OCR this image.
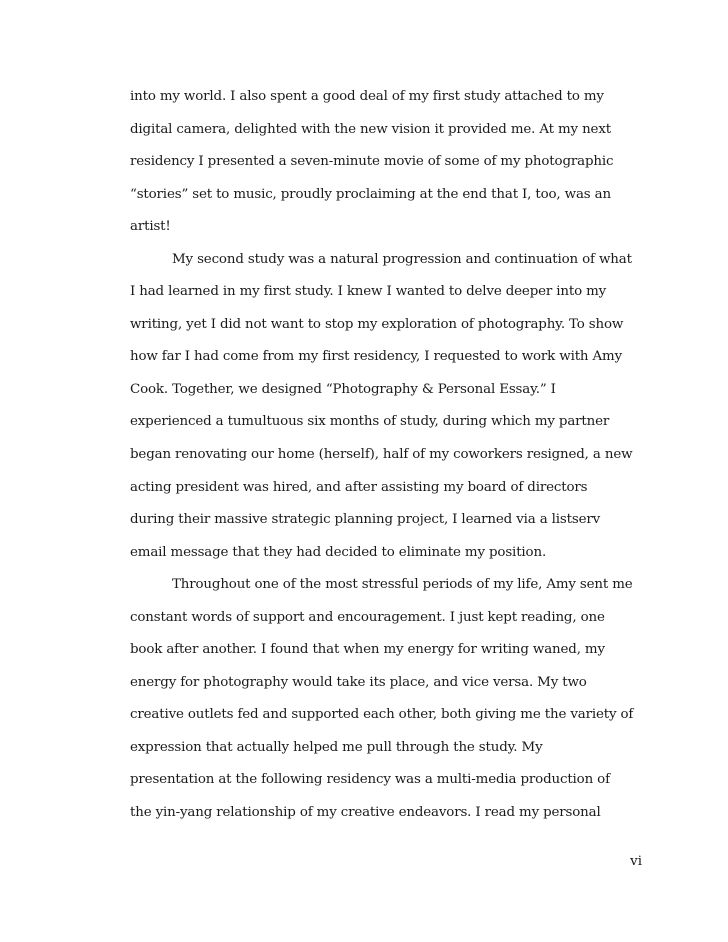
into my world. I also spent a good deal of my first study attached to my
digital camera, delighted with the new vision it provided me. At my next
residency I presented a seven-minute movie of some of my photographic
“stories” set to music, proudly proclaiming at the end that I, too, was an
artist!
My second study was a natural progression and continuation of what
I had learned in my first study. I knew I wanted to delve deeper into my
writing, yet I did not want to stop my exploration of photography. To show
how far I had come from my first residency, I requested to work with Amy
Cook. Together, we designed “Photography & Personal Essay.” I
experienced a tumultuous six months of study, during which my partner
began renovating our home (herself), half of my coworkers resigned, a new
acting president was hired, and after assisting my board of directors
during their massive strategic planning project, I learned via a listserv
email message that they had decided to eliminate my position.
Throughout one of the most stressful periods of my life, Amy sent me
constant words of support and encouragement. I just kept reading, one
book after another. I found that when my energy for writing waned, my
energy for photography would take its place, and vice versa. My two
creative outlets fed and supported each other, both giving me the variety of
expression that actually helped me pull through the study. My
presentation at the following residency was a multi-media production of
the yin-yang relationship of my creative endeavors. I read my personal
vi
